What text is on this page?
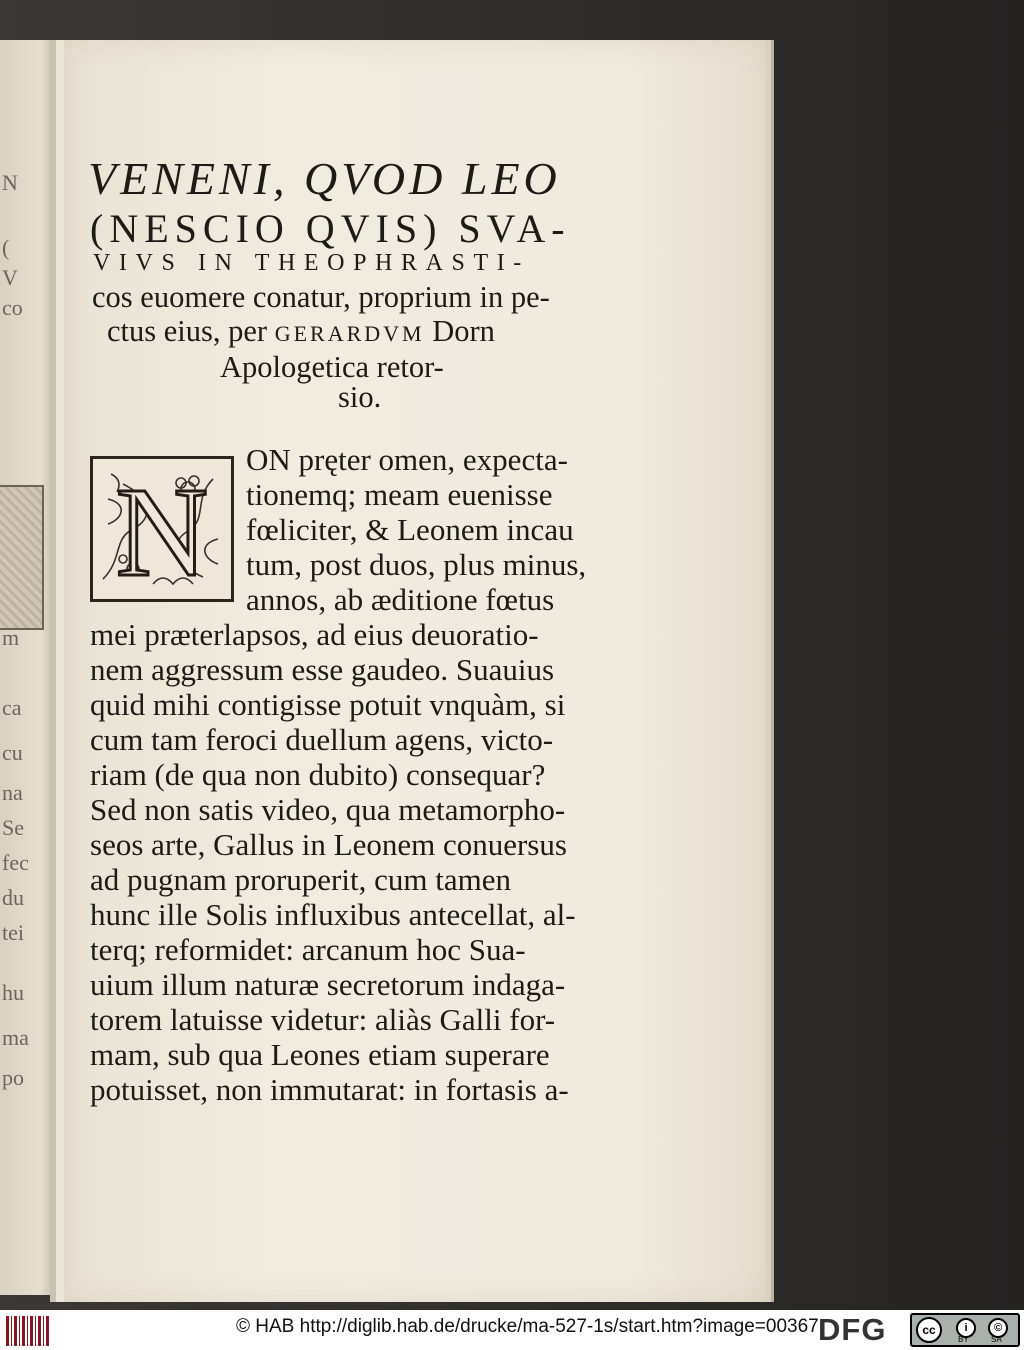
N
(
V
co
m
ca
cu
na
Se
fec
du
tei
hu
ma
po
VENENI, QVOD LEO
(NESCIO QVIS) SVA-
VIVS IN THEOPHRASTI-
cos euomere conatur, proprium in pe-
ctus eius, per GERARDVM Dorn
Apologetica retor-
sio.
N
ON pręter omen, expecta-
tionemq; meam euenisse
fœliciter, & Leonem incau
tum, post duos, plus minus,
annos, ab æditione fœtus
mei præterlapsos, ad eius deuoratio-
nem aggressum esse gaudeo. Suauius
quid mihi contigisse potuit vnquàm, si
cum tam feroci duellum agens, victo-
riam (de qua non dubito) consequar?
Sed non satis video, qua metamorpho-
seos arte, Gallus in Leonem conuersus
ad pugnam proruperit, cum tamen
hunc ille Solis influxibus antecellat, al-
terq; reformidet: arcanum hoc Sua-
uium illum naturæ secretorum indaga-
torem latuisse videtur: aliàs Galli for-
mam, sub qua Leones etiam superare
potuisset, non immutarat: in fortasis a-
© HAB http://diglib.hab.de/drucke/ma-527-1s/start.htm?image=00367 DFG	cc	i	©
BY	SA
